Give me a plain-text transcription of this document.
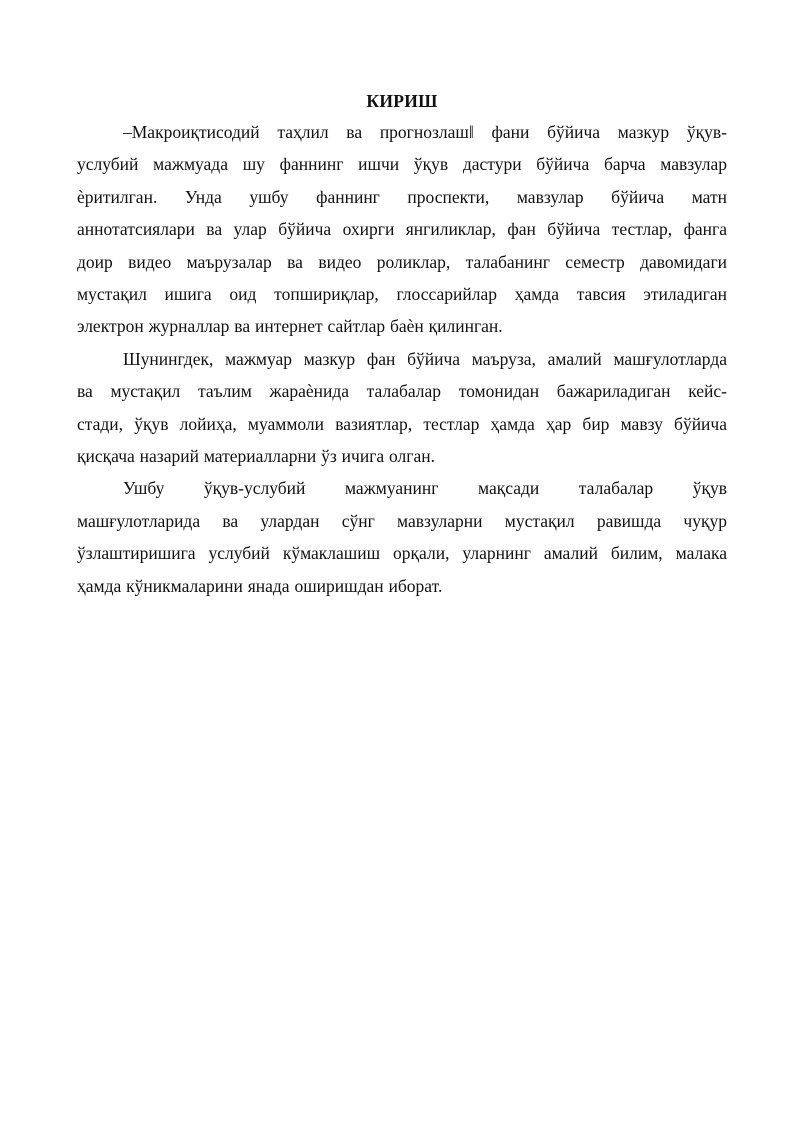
КИРИШ
‒Макроиқтисодий таҳлил ва прогнозлашǁ фани бўйича мазкур ўқув-
услубий мажмуада шу фаннинг ишчи ўқув дастури бўйича барча мавзулар
ѐритилган. Унда ушбу фаннинг проспекти, мавзулар бўйича матн
аннотатсиялари ва улар бўйича охирги янгиликлар, фан бўйича тестлар, фанга
доир видео маърузалар ва видео роликлар, талабанинг семестр давомидаги
мустақил ишига оид топшириқлар, глоссарийлар ҳамда тавсия этиладиган
электрон журналлар ва интернет сайтлар баѐн қилинган.
Шунингдек, мажмуар мазкур фан бўйича маъруза, амалий машғулотларда
ва мустақил таълим жараѐнида талабалар томонидан бажариладиган кейс-
стади, ўқув лойиҳа, муаммоли вазиятлар, тестлар ҳамда ҳар бир мавзу бўйича
қисқача назарий материалларни ўз ичига олган.
Ушбу ўқув-услубий мажмуанинг мақсади талабалар ўқув
машғулотларида ва улардан сўнг мавзуларни мустақил равишда чуқур
ўзлаштиришига услубий кўмаклашиш орқали, уларнинг амалий билим, малака
ҳамда кўникмаларини янада оширишдан иборат.
